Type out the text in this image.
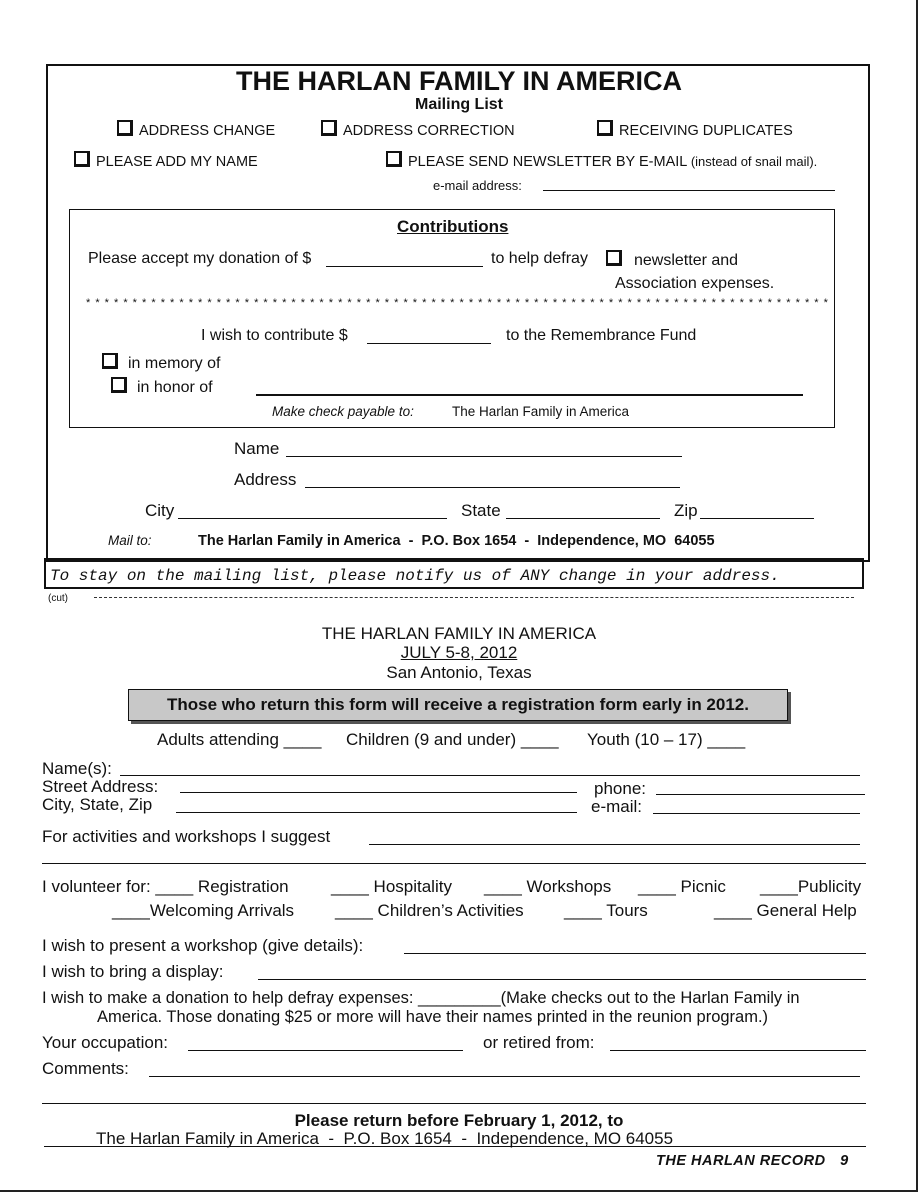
THE HARLAN FAMILY IN AMERICA
Mailing List
ADDRESS CHANGE	ADDRESS CORRECTION	RECEIVING DUPLICATES
PLEASE ADD MY NAME	PLEASE SEND NEWSLETTER BY E-MAIL (instead of snail mail).
e-mail address:
Contributions
Please accept my donation of $	to help defray	newsletter and
Association expenses.
* * * * * * * * * * * * * * * * * * * * * * * * * * * * * * * * * * * * * * * * * * * * * * * * * * * * * * * * * * * * * * * * * * * * * * * * * * * * * * * *
I wish to contribute $	to the Remembrance Fund
in memory of
in honor of
Make check payable to:	The Harlan Family in America
Name
Address
City	State	Zip
Mail to:	The Harlan Family in America  -  P.O. Box 1654  -  Independence, MO  64055
To stay on the mailing list, please notify us of ANY change in your address.
(cut)
THE HARLAN FAMILY IN AMERICA
JULY 5-8, 2012
San Antonio, Texas
Those who return this form will receive a registration form early in 2012.
Adults attending ____ Children (9 and under) ____ Youth (10 – 17) ____
Name(s):
Street Address:	phone:
City, State, Zip	e-mail:
For activities and workshops I suggest
I volunteer for: ____ Registration ____ Hospitality ____ Workshops ____ Picnic ____Publicity
____Welcoming Arrivals ____ Children’s Activities ____ Tours	____ General Help
I wish to present a workshop (give details):
I wish to bring a display:
I wish to make a donation to help defray expenses: _________(Make checks out to the Harlan Family in
America. Those donating $25 or more will have their names printed in the reunion program.)
Your occupation:	or retired from:
Comments:
Please return before February 1, 2012, to
The Harlan Family in America  -  P.O. Box 1654  -  Independence, MO 64055
THE HARLAN RECORD 9
